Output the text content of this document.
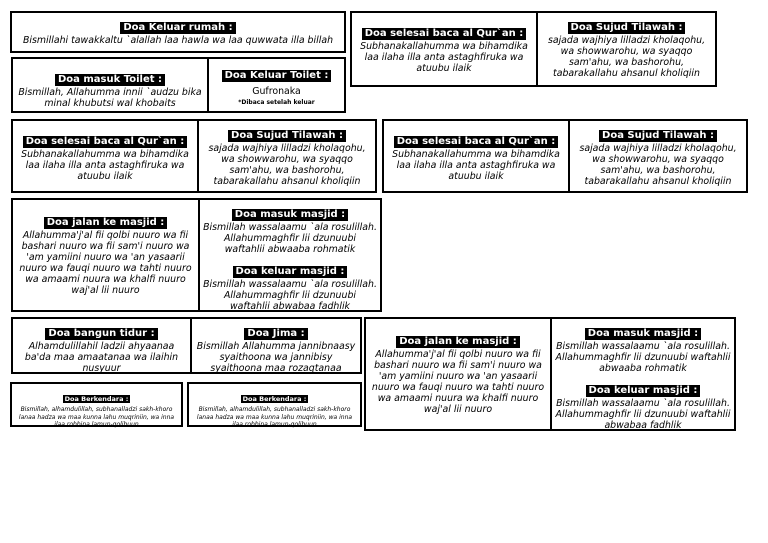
Doa Keluar rumah :
Bismillahi tawakkaltu `alallah laa hawla wa laa quwwata illa billah
Doa selesai baca al Qur`an :
Subhanakallahumma wa bihamdika laa ilaha illa anta astaghfiruka wa atuubu ilaik
Doa Sujud Tilawah :
sajada wajhiya lilladzi kholaqohu, wa showwarohu, wa syaqqo sam'ahu, wa bashorohu, tabarakallahu ahsanul kholiqiin
Doa masuk Toilet :
Bismillah, Allahumma innii `audzu bika minal khubutsi wal khobaits
Doa Keluar Toilet :
Gufronaka
*Dibaca setelah keluar
Doa selesai baca al Qur`an :
Subhanakallahumma wa bihamdika laa ilaha illa anta astaghfiruka wa atuubu ilaik
Doa Sujud Tilawah :
sajada wajhiya lilladzi kholaqohu, wa showwarohu, wa syaqqo sam'ahu, wa bashorohu, tabarakallahu ahsanul kholiqiin
Doa selesai baca al Qur`an :
Subhanakallahumma wa bihamdika laa ilaha illa anta astaghfiruka wa atuubu ilaik
Doa Sujud Tilawah :
sajada wajhiya lilladzi kholaqohu, wa showwarohu, wa syaqqo sam'ahu, wa bashorohu, tabarakallahu ahsanul kholiqiin
Doa jalan ke masjid :
Allahumma'j'al fii qolbi nuuro wa fii bashari nuuro wa fii sam'i nuuro wa 'am yamiini nuuro wa 'an yasaarii nuuro wa fauqi nuuro wa tahti nuuro wa amaami nuura wa khalfi nuuro waj'al lii nuuro
Doa masuk masjid :
Bismillah wassalaamu `ala rosulillah. Allahummaghfir lii dzunuubi waftahlii abwaaba rohmatik
Doa keluar masjid :
Bismillah wassalaamu `ala rosulillah. Allahummaghfir lii dzunuubi waftahlii abwabaa fadhlik
Doa bangun tidur :
Alhamdulillahil ladzii ahyaanaa ba'da maa amaatanaa wa ilaihin nusyuur
Doa Jima :
Bismillah Allahumma jannibnaasy syaithoona wa jannibisy syaithoona maa rozaqtanaa
Doa jalan ke masjid :
Allahumma'j'al fii qolbi nuuro wa fii bashari nuuro wa fii sam'i nuuro wa 'am yamiini nuuro wa 'an yasaarii nuuro wa fauqi nuuro wa tahti nuuro wa amaami nuura wa khalfi nuuro waj'al lii nuuro
Doa masuk masjid :
Bismillah wassalaamu `ala rosulillah. Allahummaghfir lii dzunuubi waftahlii abwaaba rohmatik
Doa keluar masjid :
Bismillah wassalaamu `ala rosulillah. Allahummaghfir lii dzunuubi waftahlii abwabaa fadhlik
Doa Berkendara :
Bismillah, alhamdulillah, subhanalladzi sakh-khoro lanaa hadza wa maa kunna lahu muqriniin, wa inna ilaa robbina lamun-qolibuun
Doa Berkendara :
Bismillah, alhamdulillah, subhanalladzi sakh-khoro lanaa hadza wa maa kunna lahu muqriniin, wa inna ilaa robbina lamun-qolibuun
